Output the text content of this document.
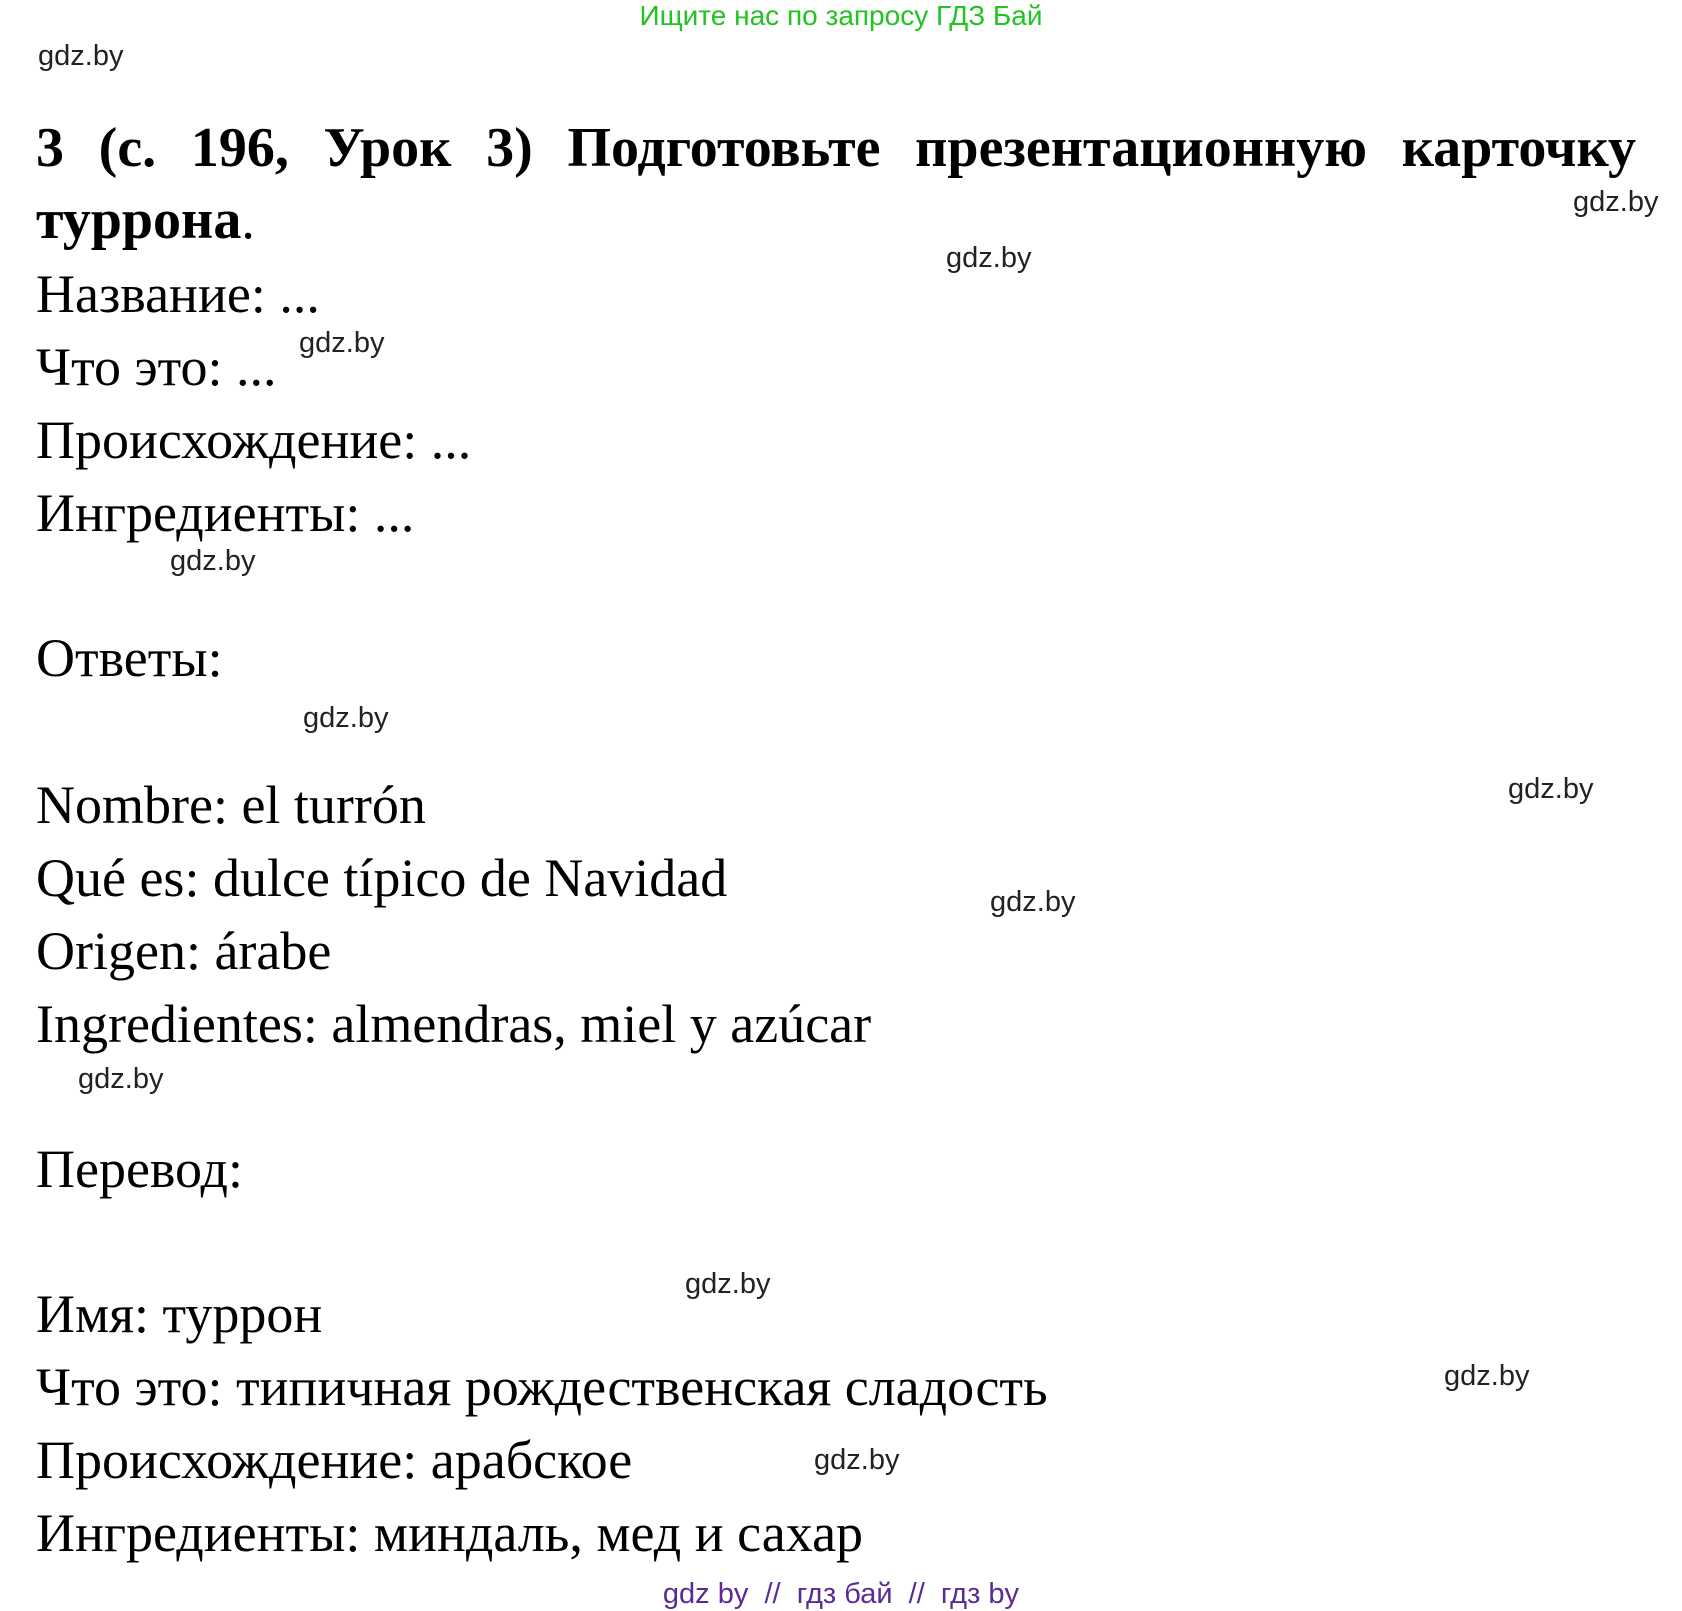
Ищите нас по запросу ГДЗ Бай
gdz.by
gdz.by
gdz.by
gdz.by
gdz.by
gdz.by
gdz.by
gdz.by
gdz.by
gdz.by
gdz.by
gdz.by
3 (с. 196, Урок 3) Подготовьте презентационную карточку
туррона.
Название: ...
Что это: ...
Происхождение: ...
Ингредиенты: ...
Ответы:
Nombre: el turrón
Qué es: dulce típico de Navidad
Origen: árabe
Ingredientes: almendras, miel y azúcar
Перевод:
Имя: туррон
Что это: типичная рождественская сладость
Происхождение: арабское
Ингредиенты: миндаль, мед и сахар
gdz by  //  гдз бай  //  гдз by
